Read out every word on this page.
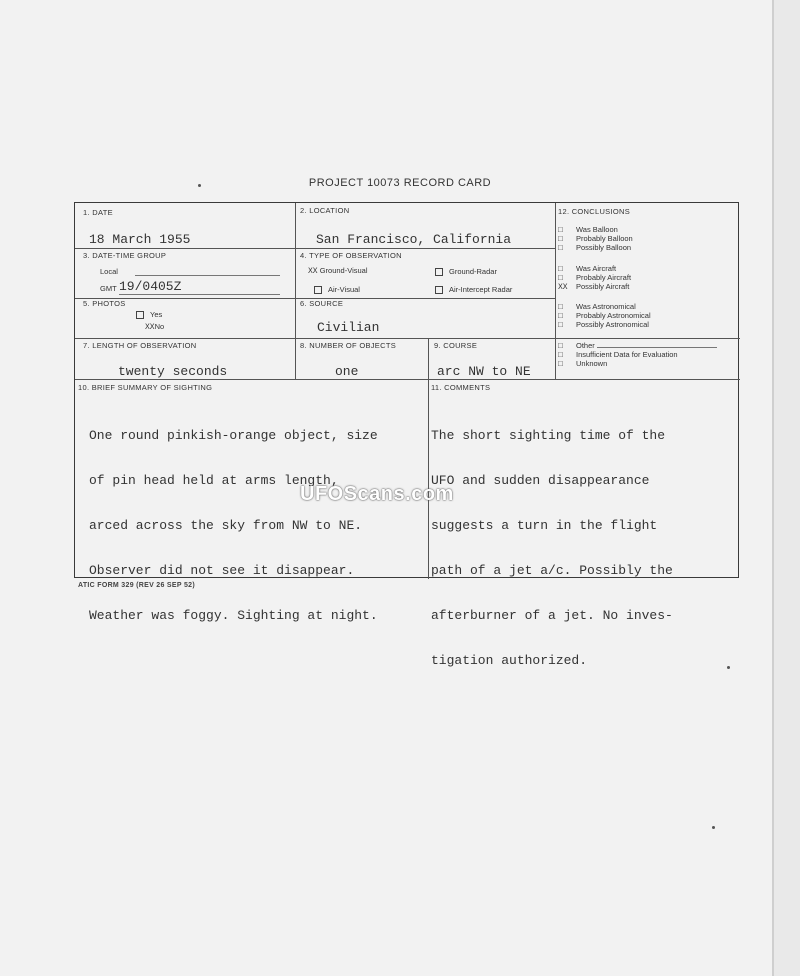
PROJECT 10073 RECORD CARD
1. DATE
18 March 1955
2. LOCATION
San Francisco, California
3. DATE-TIME GROUP
Local
GMT 19/0405Z
4. TYPE OF OBSERVATION
XX Ground-Visual	Ground-Radar
Air-Visual	Air-Intercept Radar
5. PHOTOS
Yes
XXNo
6. SOURCE
Civilian
7. LENGTH OF OBSERVATION
twenty seconds
8. NUMBER OF OBJECTS
one
9. COURSE
arc NW to NE
10. BRIEF SUMMARY OF SIGHTING

One round pinkish-orange object, size

of pin head held at arms length,

arced across the sky from NW to NE.

Observer did not see it disappear.

Weather was foggy. Sighting at night.

11. COMMENTS

The short sighting time of the

UFO and sudden disappearance

suggests a turn in the flight

path of a jet a/c. Possibly the

afterburner of a jet. No inves-

tigation authorized.

12. CONCLUSIONS
□ Was Balloon
□ Probably Balloon
□ Possibly Balloon
□ Was Aircraft
□ Probably Aircraft
XX Possibly Aircraft
□ Was Astronomical
□ Probably Astronomical
□ Possibly Astronomical
□ Other
□ Insufficient Data for Evaluation
□ Unknown
UFOScans.com
ATIC FORM 329 (REV 26 SEP 52)
